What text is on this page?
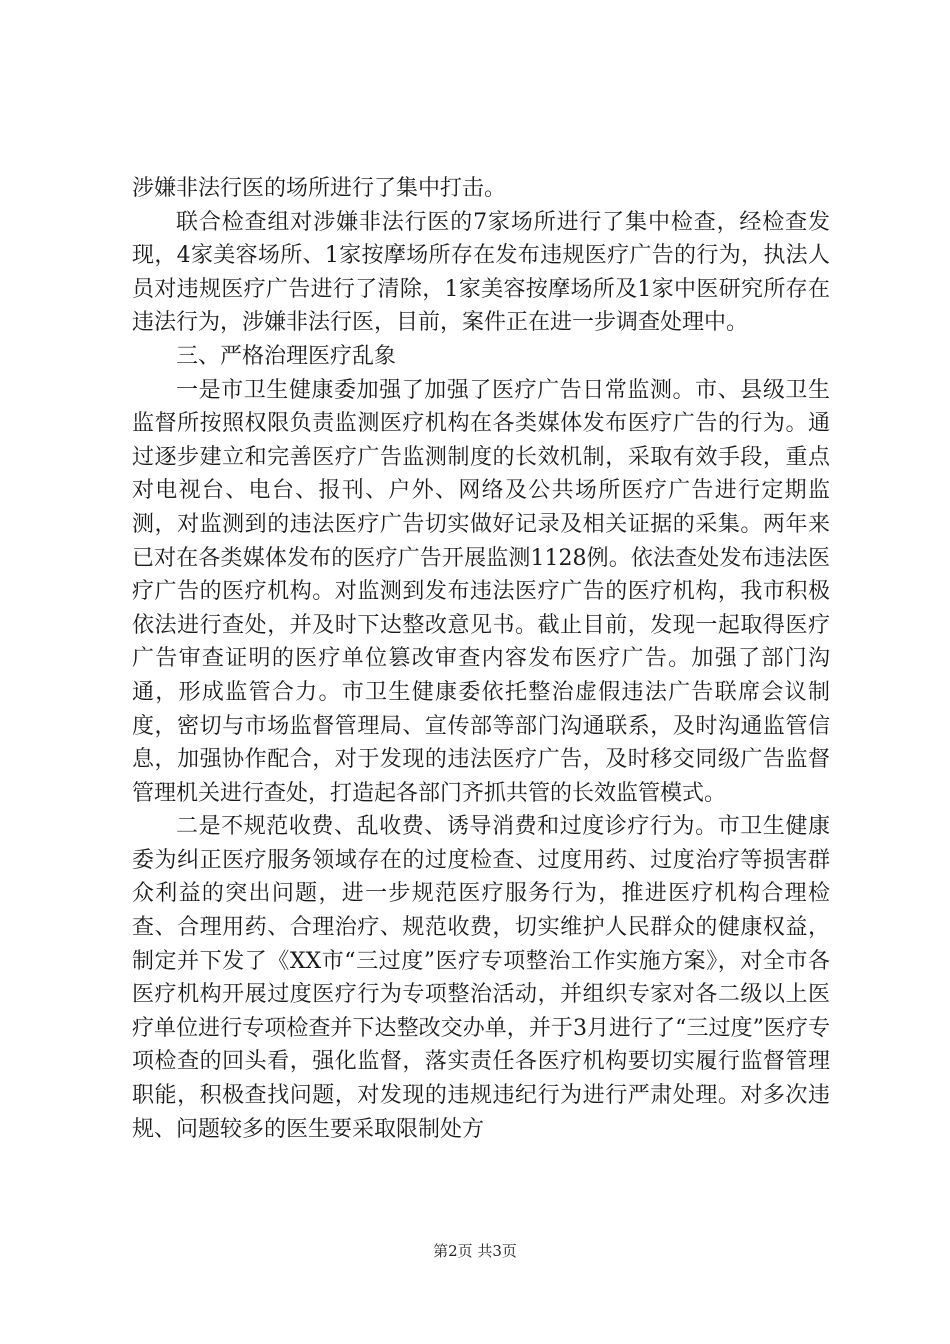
涉嫌非法行医的场所进行了集中打击。

联合检查组对涉嫌非法行医的7家场所进行了集中检查，经检查发现，4家美容场所、1家按摩场所存在发布违规医疗广告的行为，执法人员对违规医疗广告进行了清除，1家美容按摩场所及1家中医研究所存在违法行为，涉嫌非法行医，目前，案件正在进一步调查处理中。

三、严格治理医疗乱象

一是市卫生健康委加强了加强了医疗广告日常监测。市、县级卫生监督所按照权限负责监测医疗机构在各类媒体发布医疗广告的行为。通过逐步建立和完善医疗广告监测制度的长效机制，采取有效手段，重点对电视台、电台、报刊、户外、网络及公共场所医疗广告进行定期监测，对监测到的违法医疗广告切实做好记录及相关证据的采集。两年来已对在各类媒体发布的医疗广告开展监测1128例。依法查处发布违法医疗广告的医疗机构。对监测到发布违法医疗广告的医疗机构，我市积极依法进行查处，并及时下达整改意见书。截止目前，发现一起取得医疗广告审查证明的医疗单位篡改审查内容发布医疗广告。加强了部门沟通，形成监管合力。市卫生健康委依托整治虚假违法广告联席会议制度，密切与市场监督管理局、宣传部等部门沟通联系，及时沟通监管信息，加强协作配合，对于发现的违法医疗广告，及时移交同级广告监督管理机关进行查处，打造起各部门齐抓共管的长效监管模式。

二是不规范收费、乱收费、诱导消费和过度诊疗行为。市卫生健康委为纠正医疗服务领域存在的过度检查、过度用药、过度治疗等损害群众利益的突出问题，进一步规范医疗服务行为，推进医疗机构合理检查、合理用药、合理治疗、规范收费，切实维护人民群众的健康权益，制定并下发了《XX市“三过度”医疗专项整治工作实施方案》，对全市各医疗机构开展过度医疗行为专项整治活动，并组织专家对各二级以上医疗单位进行专项检查并下达整改交办单，并于3月进行了“三过度”医疗专项检查的回头看，强化监督，落实责任各医疗机构要切实履行监督管理职能，积极查找问题，对发现的违规违纪行为进行严肃处理。对多次违规、问题较多的医生要采取限制处方

第2页 共3页
